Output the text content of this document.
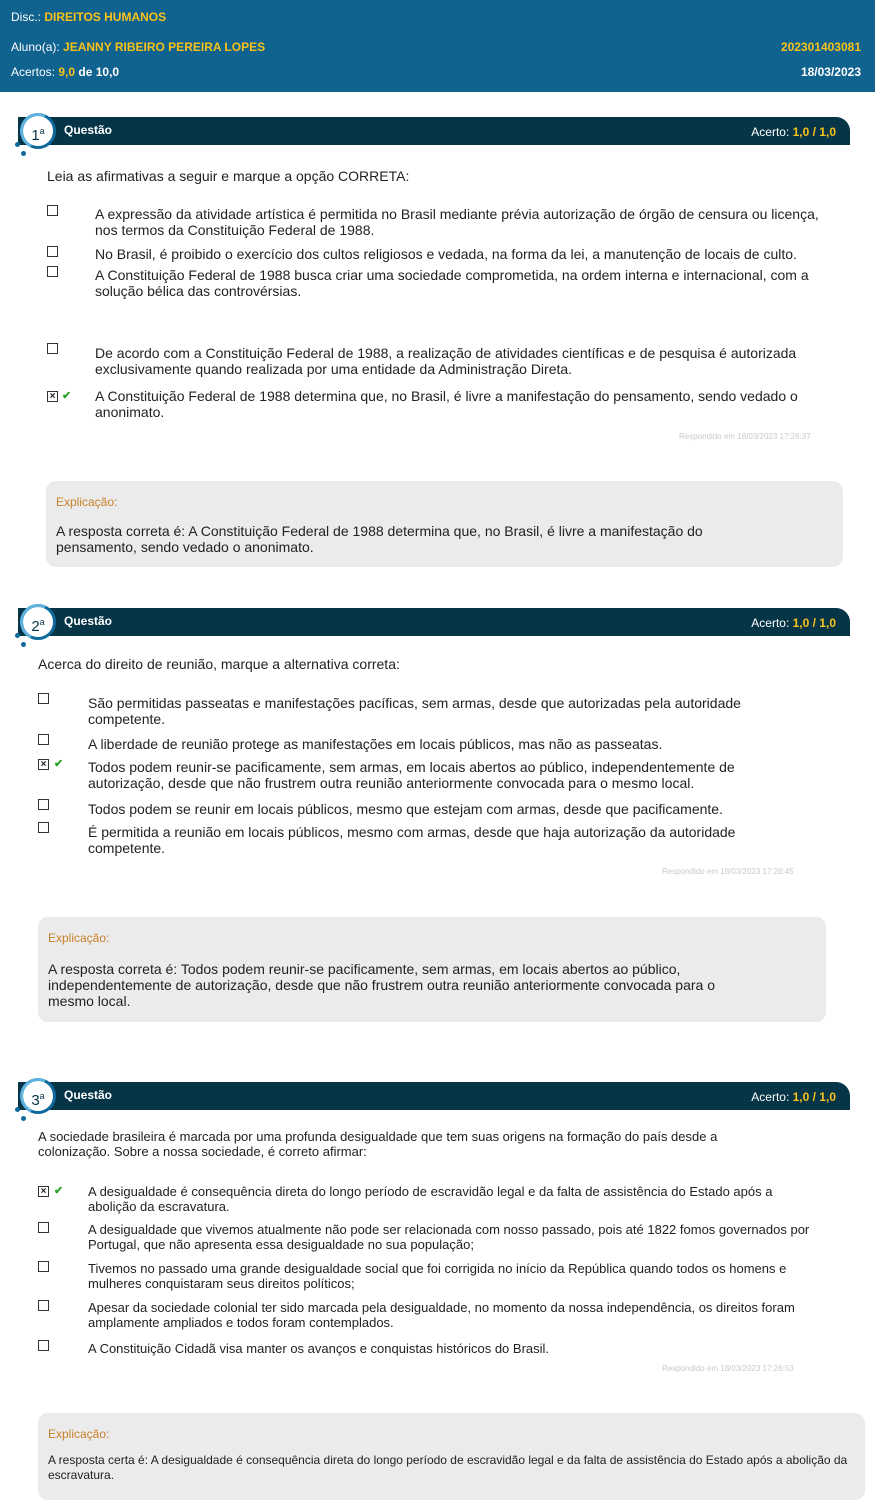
Disc.: DIREITOS HUMANOS
Aluno(a): JEANNY RIBEIRO PEREIRA LOPES	202301403081
Acertos: 9,0 de 10,0	18/03/2023
Questão	Acerto: 1,0 / 1,0
1$^a$
Leia as afirmativas a seguir e marque a opção CORRETA:
A expressão da atividade artística é permitida no Brasil mediante prévia autorização de órgão de censura ou licença, nos termos da Constituição Federal de 1988.
No Brasil, é proibido o exercício dos cultos religiosos e vedada, na forma da lei, a manutenção de locais de culto.
A Constituição Federal de 1988 busca criar uma sociedade comprometida, na ordem interna e internacional, com a solução bélica das controvérsias.
De acordo com a Constituição Federal de 1988, a realização de atividades científicas e de pesquisa é autorizada exclusivamente quando realizada por uma entidade da Administração Direta.
× ✔ A Constituição Federal de 1988 determina que, no Brasil, é livre a manifestação do pensamento, sendo vedado o anonimato.
Respondido em 18/03/2023 17:26:37
Explicação:
A resposta correta é: A Constituição Federal de 1988 determina que, no Brasil, é livre a manifestação do pensamento, sendo vedado o anonimato.
Questão	Acerto: 1,0 / 1,0
2$^a$
Acerca do direito de reunião, marque a alternativa correta:
São permitidas passeatas e manifestações pacíficas, sem armas, desde que autorizadas pela autoridade competente.
A liberdade de reunião protege as manifestações em locais públicos, mas não as passeatas.
× ✔ Todos podem reunir-se pacificamente, sem armas, em locais abertos ao público, independentemente de autorização, desde que não frustrem outra reunião anteriormente convocada para o mesmo local.
Todos podem se reunir em locais públicos, mesmo que estejam com armas, desde que pacificamente.
É permitida a reunião em locais públicos, mesmo com armas, desde que haja autorização da autoridade competente.
Respondido em 18/03/2023 17:26:45
Explicação:
A resposta correta é: Todos podem reunir-se pacificamente, sem armas, em locais abertos ao público, independentemente de autorização, desde que não frustrem outra reunião anteriormente convocada para o mesmo local.
Questão	Acerto: 1,0 / 1,0
3$^a$
A sociedade brasileira é marcada por uma profunda desigualdade que tem suas origens na formação do país desde a colonização. Sobre a nossa sociedade, é correto afirmar:
× ✔ A desigualdade é consequência direta do longo período de escravidão legal e da falta de assistência do Estado após a abolição da escravatura.
A desigualdade que vivemos atualmente não pode ser relacionada com nosso passado, pois até 1822 fomos governados por Portugal, que não apresenta essa desigualdade no sua população;
Tivemos no passado uma grande desigualdade social que foi corrigida no início da República quando todos os homens e mulheres conquistaram seus direitos políticos;
Apesar da sociedade colonial ter sido marcada pela desigualdade, no momento da nossa independência, os direitos foram amplamente ampliados e todos foram contemplados.
A Constituição Cidadã visa manter os avanços e conquistas históricos do Brasil.
Respondido em 18/03/2023 17:26:53
Explicação:
A resposta certa é: A desigualdade é consequência direta do longo período de escravidão legal e da falta de assistência do Estado após a abolição da escravatura.
